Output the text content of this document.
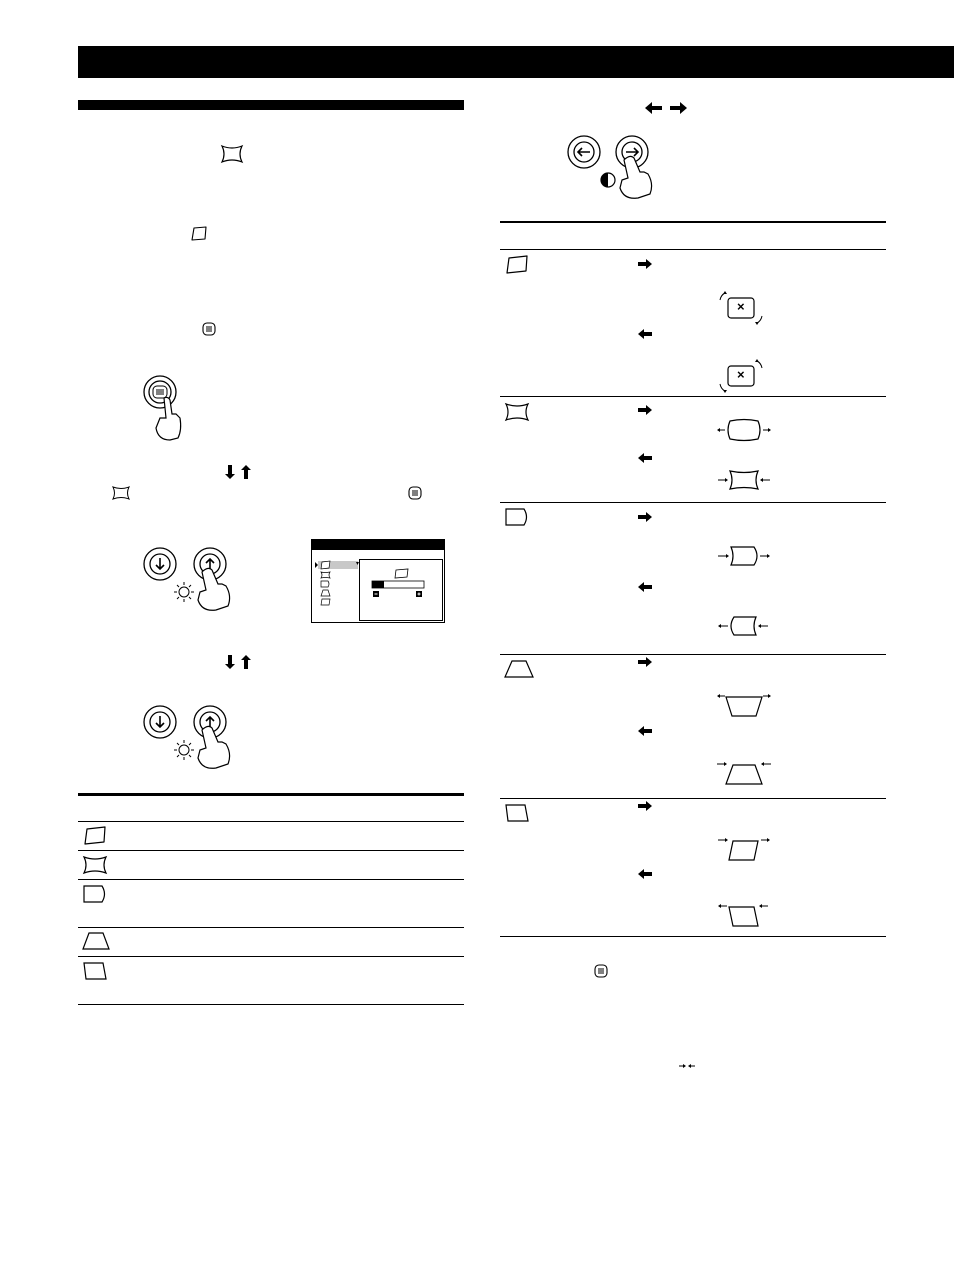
×
×
